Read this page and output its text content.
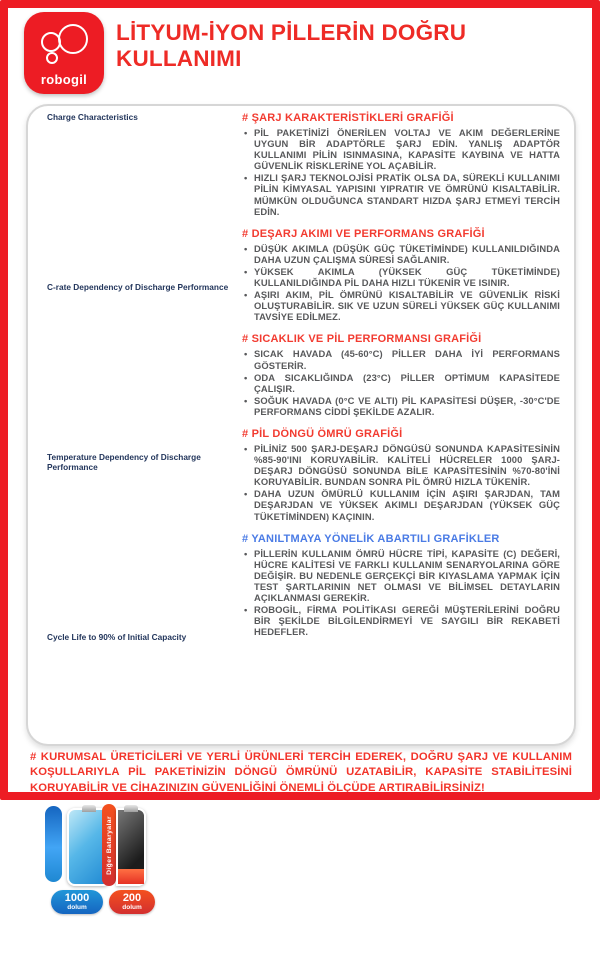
robogil
LİTYUM-İYON PİLLERİN DOĞRU
KULLANIMI
Charge Characteristics
C-rate Dependency of Discharge Performance
Temperature Dependency of Discharge Performance
Cycle Life to 90% of Initial Capacity
Diğer Bataryalar
1000
dolum
200
dolum
# ŞARJ KARAKTERİSTİKLERİ GRAFİĞİ
• PİL PAKETİNİZİ ÖNERİLEN VOLTAJ VE AKIM DEĞERLERİNE UYGUN BİR ADAPTÖRLE ŞARJ EDİN. YANLIŞ ADAPTÖR KULLANIMI PİLİN ISINMASINA, KAPASİTE KAYBINA VE HATTA GÜVENLİK RİSKLERİNE YOL AÇABİLİR.
• HIZLI ŞARJ TEKNOLOJİSİ PRATİK OLSA DA, SÜREKLİ KULLANIMI PİLİN KİMYASAL YAPISINI YIPRATIR VE ÖMRÜNÜ KISALTABİLİR. MÜMKÜN OLDUĞUNCA STANDART HIZDA ŞARJ ETMEYİ TERCİH EDİN.
# DEŞARJ AKIMI VE PERFORMANS GRAFİĞİ
• DÜŞÜK AKIMLA (DÜŞÜK GÜÇ TÜKETİMİNDE) KULLANILDIĞINDA DAHA UZUN ÇALIŞMA SÜRESİ SAĞLANIR.
• YÜKSEK AKIMLA (YÜKSEK GÜÇ TÜKETİMİNDE) KULLANILDIĞINDA PİL DAHA HIZLI TÜKENİR VE ISINIR.
• AŞIRI AKIM, PİL ÖMRÜNÜ KISALTABİLİR VE GÜVENLİK RİSKİ OLUŞTURABİLİR. SIK VE UZUN SÜRELİ YÜKSEK GÜÇ KULLANIMI TAVSİYE EDİLMEZ.
# SICAKLIK VE PİL PERFORMANSI GRAFİĞİ
• SICAK HAVADA (45-60°C) PİLLER DAHA İYİ PERFORMANS GÖSTERİR.
• ODA SICAKLIĞINDA (23°C) PİLLER OPTİMUM KAPASİTEDE ÇALIŞIR.
• SOĞUK HAVADA (0°C VE ALTI) PİL KAPASİTESİ DÜŞER, -30°C'DE PERFORMANS CİDDİ ŞEKİLDE AZALIR.
# PİL DÖNGÜ ÖMRÜ GRAFİĞİ
• PİLİNİZ 500 ŞARJ-DEŞARJ DÖNGÜSÜ SONUNDA KAPASİTESİNİN %85-90'INI KORUYABİLİR. KALİTELİ HÜCRELER 1000 ŞARJ-DEŞARJ DÖNGÜSÜ SONUNDA BİLE KAPASİTESİNİN %70-80'İNİ KORUYABİLİR. BUNDAN SONRA PİL ÖMRÜ HIZLA TÜKENİR.
• DAHA UZUN ÖMÜRLÜ KULLANIM İÇİN AŞIRI ŞARJDAN, TAM DEŞARJDAN VE YÜKSEK AKIMLI DEŞARJDAN (YÜKSEK GÜÇ TÜKETİMİNDEN) KAÇININ.
# YANILTMAYA YÖNELİK ABARTILI GRAFİKLER
• PİLLERİN KULLANIM ÖMRÜ HÜCRE TİPİ, KAPASİTE (C) DEĞERİ, HÜCRE KALİTESİ VE FARKLI KULLANIM SENARYOLARINA GÖRE DEĞİŞİR. BU NEDENLE GERÇEKÇİ BİR KIYASLAMA YAPMAK İÇİN TEST ŞARTLARININ NET OLMASI VE BİLİMSEL DETAYLARIN AÇIKLANMASI GEREKİR.
• ROBOGİL, FİRMA POLİTİKASI GEREĞİ MÜŞTERİLERİNİ DOĞRU BİR ŞEKİLDE BİLGİLENDİRMEYİ VE SAYGILI BİR REKABETİ HEDEFLER.
# KURUMSAL ÜRETİCİLERİ VE YERLİ ÜRÜNLERİ TERCİH EDEREK, DOĞRU ŞARJ VE KULLANIM KOŞULLARIYLA PİL PAKETİNİZİN DÖNGÜ ÖMRÜNÜ UZATABİLİR, KAPASİTE STABİLİTESİNİ KORUYABİLİR VE CİHAZINIZIN GÜVENLİĞİNİ ÖNEMLİ ÖLÇÜDE ARTIRABİLİRSİNİZ!
